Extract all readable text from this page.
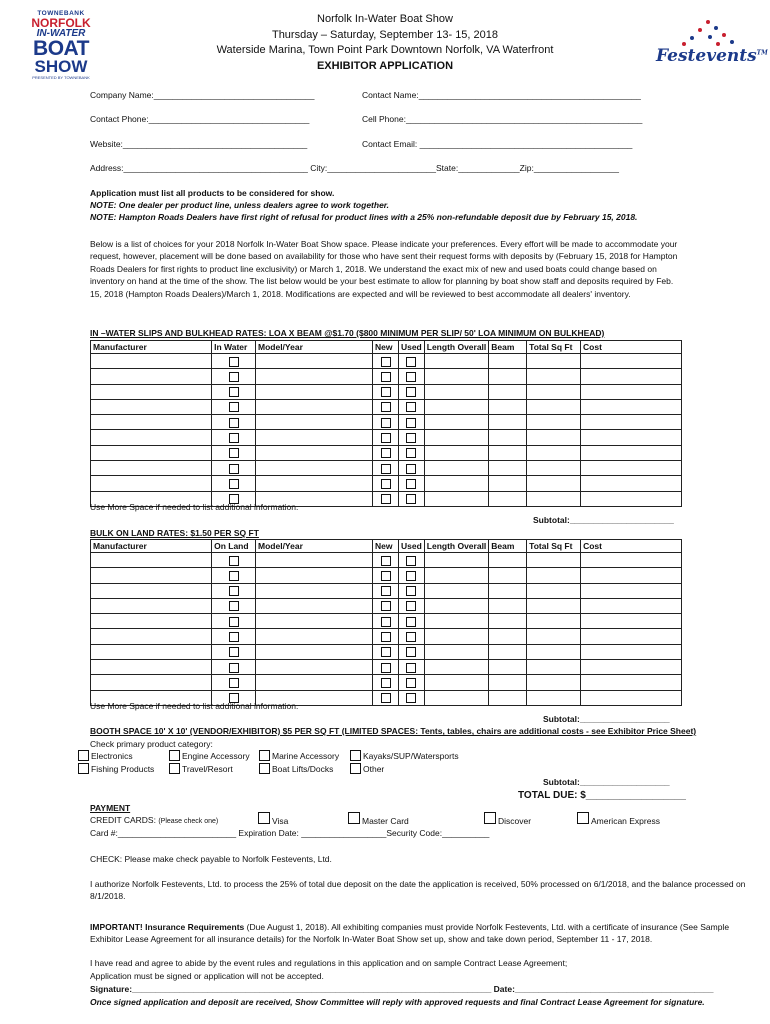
TOWNEBANK
NORFOLK
IN-WATER
BOAT
SHOW
PRESENTED BY TOWNEBANK
Norfolk In-Water Boat Show
Thursday – Saturday, September 13- 15, 2018
Waterside Marina, Town Point Park Downtown Norfolk, VA Waterfront
EXHIBITOR APPLICATION	Festevents™
Company Name:__________________________________	Contact Name:_______________________________________________
Contact Phone:__________________________________	Cell Phone:__________________________________________________
Website:_______________________________________	Contact Email: _____________________________________________
Address:_______________________________________ City:_______________________State:_____________Zip:__________________
Application must list all products to be considered for show.
NOTE: One dealer per product line, unless dealers agree to work together.
NOTE: Hampton Roads Dealers have first right of refusal for product lines with a 25% non-refundable deposit due by February 15, 2018.
Below is a list of choices for your 2018 Norfolk In-Water Boat Show space. Please indicate your preferences. Every effort will be made to accommodate your request, however, placement will be done based on availability for those who have sent their request forms with deposits by (February 15, 2018 for Hampton Roads Dealers for first rights to product line exclusivity) or March 1, 2018. We understand the exact mix of new and used boats could change based on inventory on hand at the time of the show. The list below would be your best estimate to allow for planning by boat show staff and deposits required by Feb. 15, 2018 (Hampton Roads Dealers)/March 1, 2018. Modifications are expected and will be reviewed to best accommodate all dealers' inventory.
IN –WATER SLIPS AND BULKHEAD RATES: LOA X BEAM @$1.70 ($800 MINIMUM PER SLIP/ 50' LOA MINIMUM ON BULKHEAD)
Manufacturer	In Water	Model/Year	New	Used	Length Overall	Beam	Total Sq Ft	Cost

Use More Space if needed to list additional information.
Subtotal:______________________
BULK ON LAND RATES: $1.50 PER SQ FT
Manufacturer	On Land	Model/Year	New	Used	Length Overall	Beam	Total Sq Ft	Cost

Use More Space if needed to list additional information.
Subtotal:___________________
BOOTH SPACE 10' X 10' (VENDOR/EXHIBITOR) $5 PER SQ FT (LIMITED SPACES: Tents, tables, chairs are additional costs - see Exhibitor Price Sheet)
Check primary product category:
Electronics	Engine Accessory	Marine Accessory	Kayaks/SUP/Watersports
Fishing Products	Travel/Resort	Boat Lifts/Docks	Other
Subtotal:___________________
TOTAL DUE: $__________________
PAYMENT
CREDIT CARDS: (Please check one)	Visa	Master Card	Discover	American Express
Card #:_________________________ Expiration Date: __________________Security Code:__________
CHECK: Please make check payable to Norfolk Festevents, Ltd.
I authorize Norfolk Festevents, Ltd. to process the 25% of total due deposit on the date the application is received, 50% processed on 6/1/2018, and the balance processed on 8/1/2018.
IMPORTANT! Insurance Requirements (Due August 1, 2018). All exhibiting companies must provide Norfolk Festevents, Ltd. with a certificate of insurance (See Sample Exhibitor Lease Agreement for all insurance details) for the Norfolk In-Water Boat Show set up, show and take down period, September 11 - 17, 2018.
I have read and agree to abide by the event rules and regulations in this application and on sample Contract Lease Agreement;
Application must be signed or application will not be accepted.
Signature:____________________________________________________________________________ Date:__________________________________________
Once signed application and deposit are received, Show Committee will reply with approved requests and final Contract Lease Agreement for signature.
